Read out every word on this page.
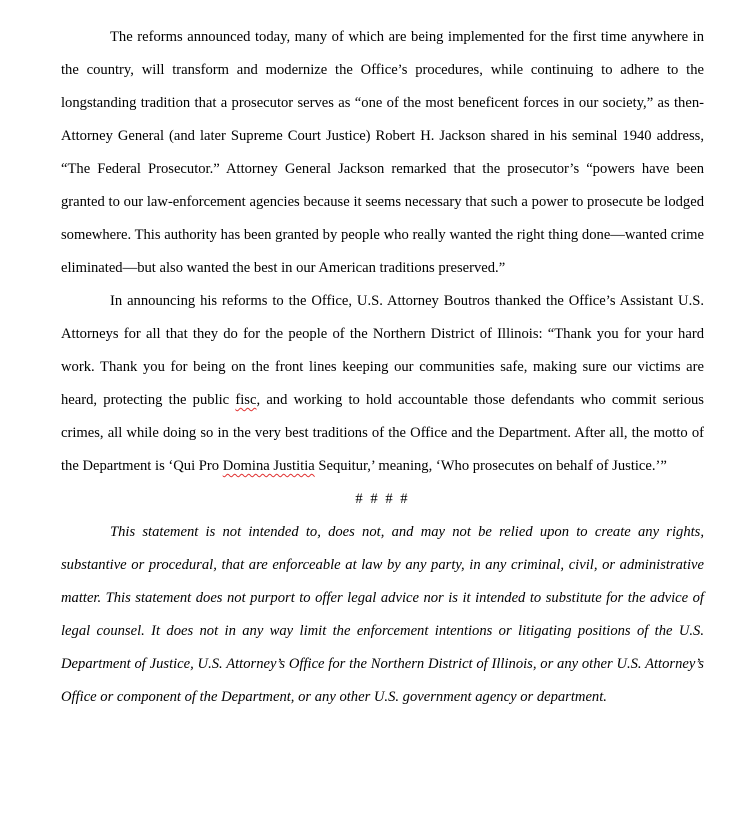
The reforms announced today, many of which are being implemented for the first time anywhere in the country, will transform and modernize the Office’s procedures, while continuing to adhere to the longstanding tradition that a prosecutor serves as “one of the most beneficent forces in our society,” as then-Attorney General (and later Supreme Court Justice) Robert H. Jackson shared in his seminal 1940 address, “The Federal Prosecutor.” Attorney General Jackson remarked that the prosecutor’s “powers have been granted to our law-enforcement agencies because it seems necessary that such a power to prosecute be lodged somewhere. This authority has been granted by people who really wanted the right thing done—wanted crime eliminated—but also wanted the best in our American traditions preserved.”

In announcing his reforms to the Office, U.S. Attorney Boutros thanked the Office’s Assistant U.S. Attorneys for all that they do for the people of the Northern District of Illinois: “Thank you for your hard work. Thank you for being on the front lines keeping our communities safe, making sure our victims are heard, protecting the public fisc, and working to hold accountable those defendants who commit serious crimes, all while doing so in the very best traditions of the Office and the Department. After all, the motto of the Department is ‘Qui Pro Domina Justitia Sequitur,’ meaning, ‘Who prosecutes on behalf of Justice.’”

# # # #

This statement is not intended to, does not, and may not be relied upon to create any rights, substantive or procedural, that are enforceable at law by any party, in any criminal, civil, or administrative matter. This statement does not purport to offer legal advice nor is it intended to substitute for the advice of legal counsel. It does not in any way limit the enforcement intentions or litigating positions of the U.S. Department of Justice, U.S. Attorney’s Office for the Northern District of Illinois, or any other U.S. Attorney’s Office or component of the Department, or any other U.S. government agency or department.
